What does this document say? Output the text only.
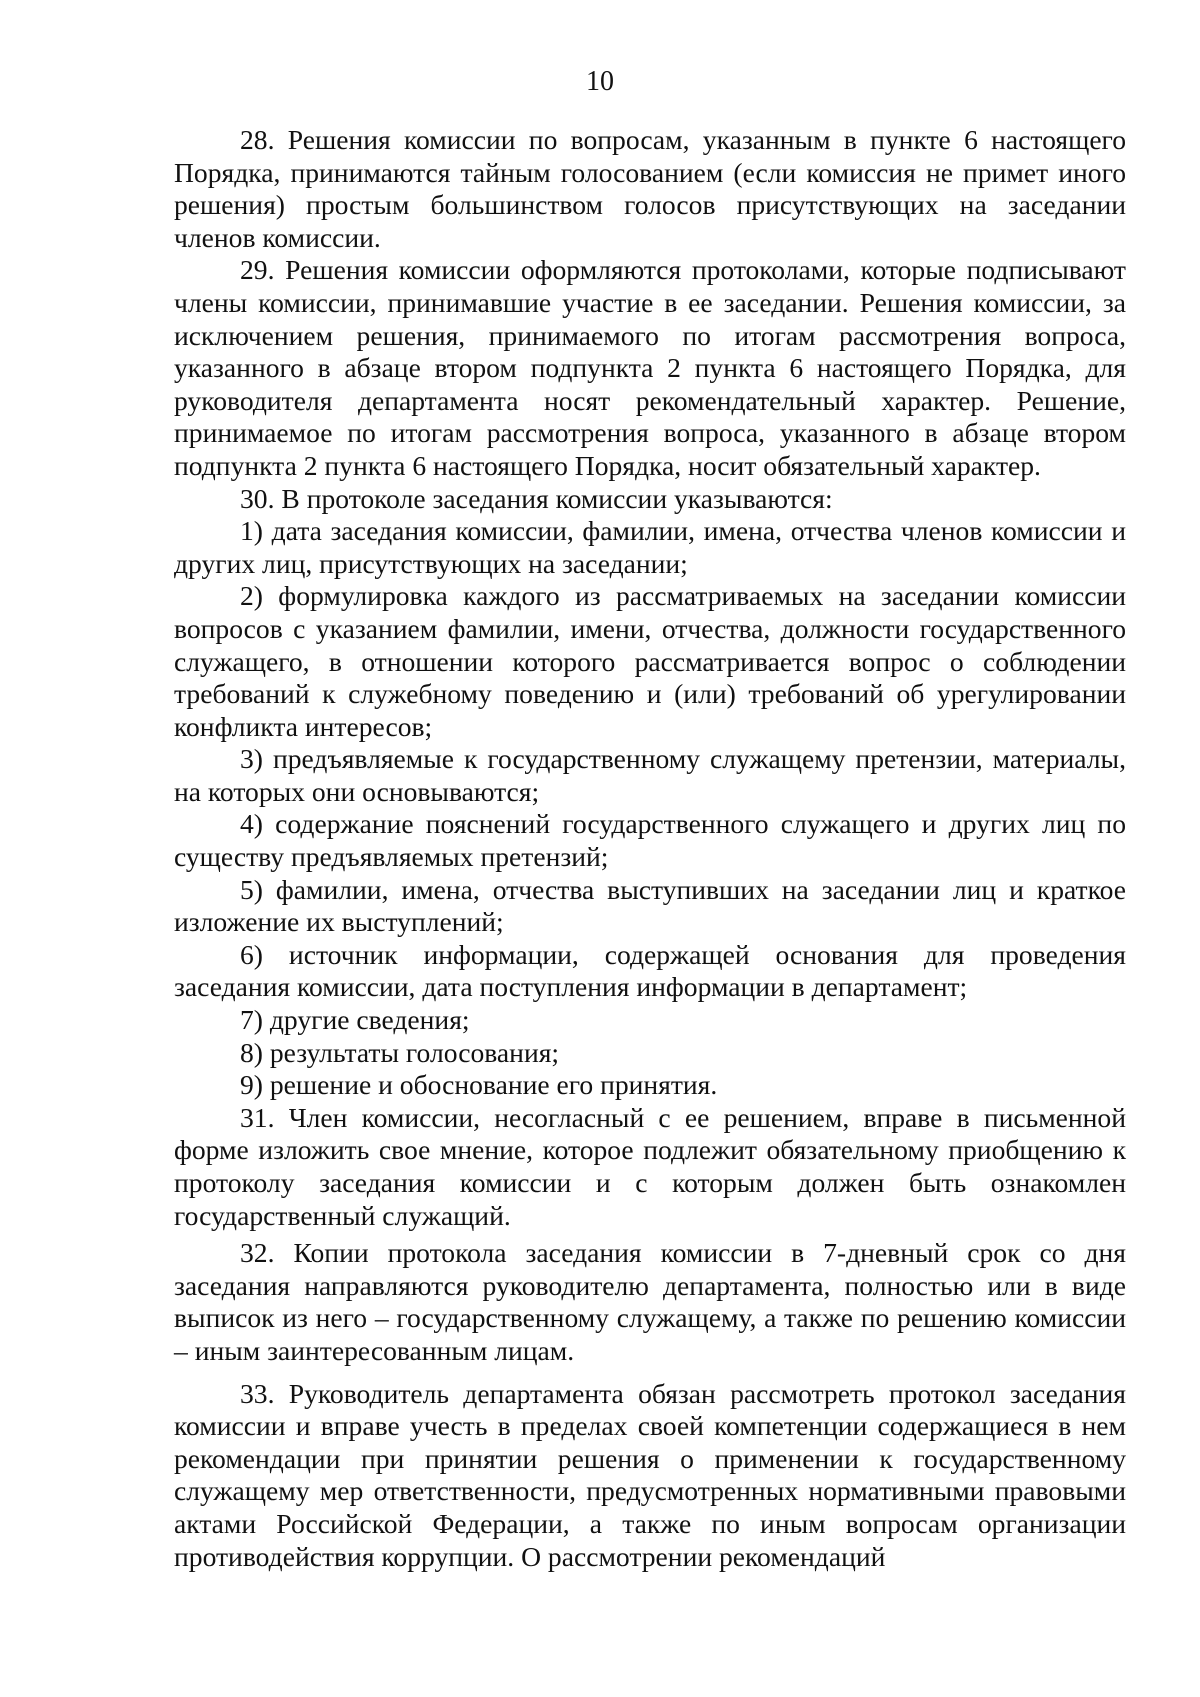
10

28. Решения комиссии по вопросам, указанным в пункте 6 настоящего Порядка, принимаются тайным голосованием (если комиссия не примет иного решения) простым большинством голосов присутствующих на заседании членов комиссии.

29. Решения комиссии оформляются протоколами, которые подписывают члены комиссии, принимавшие участие в ее заседании. Решения комиссии, за исключением решения, принимаемого по итогам рассмотрения вопроса, указанного в абзаце втором подпункта 2 пункта 6 настоящего Порядка, для руководителя департамента носят рекомендательный характер. Решение, принимаемое по итогам рассмотрения вопроса, указанного в абзаце втором подпункта 2 пункта 6 настоящего Порядка, носит обязательный характер.

30. В протоколе заседания комиссии указываются:

1) дата заседания комиссии, фамилии, имена, отчества членов комиссии и других лиц, присутствующих на заседании;

2) формулировка каждого из рассматриваемых на заседании комиссии вопросов с указанием фамилии, имени, отчества, должности государственного служащего, в отношении которого рассматривается вопрос о соблюдении требований к служебному поведению и (или) требований об урегулировании конфликта интересов;

3) предъявляемые к государственному служащему претензии, материалы, на которых они основываются;

4) содержание пояснений государственного служащего и других лиц по существу предъявляемых претензий;

5) фамилии, имена, отчества выступивших на заседании лиц и краткое изложение их выступлений;

6) источник информации, содержащей основания для проведения заседания комиссии, дата поступления информации в департамент;

7) другие сведения;

8) результаты голосования;

9) решение и обоснование его принятия.

31. Член комиссии, несогласный с ее решением, вправе в письменной форме изложить свое мнение, которое подлежит обязательному приобщению к протоколу заседания комиссии и с которым должен быть ознакомлен государственный служащий.

32. Копии протокола заседания комиссии в 7-дневный срок со дня заседания направляются руководителю департамента, полностью или в виде выписок из него – государственному служащему, а также по решению комиссии – иным заинтересованным лицам.

33. Руководитель департамента обязан рассмотреть протокол заседания комиссии и вправе учесть в пределах своей компетенции содержащиеся в нем рекомендации при принятии решения о применении к государственному служащему мер ответственности, предусмотренных нормативными правовыми актами Российской Федерации, а также по иным вопросам организации противодействия коррупции. О рассмотрении рекомендаций
